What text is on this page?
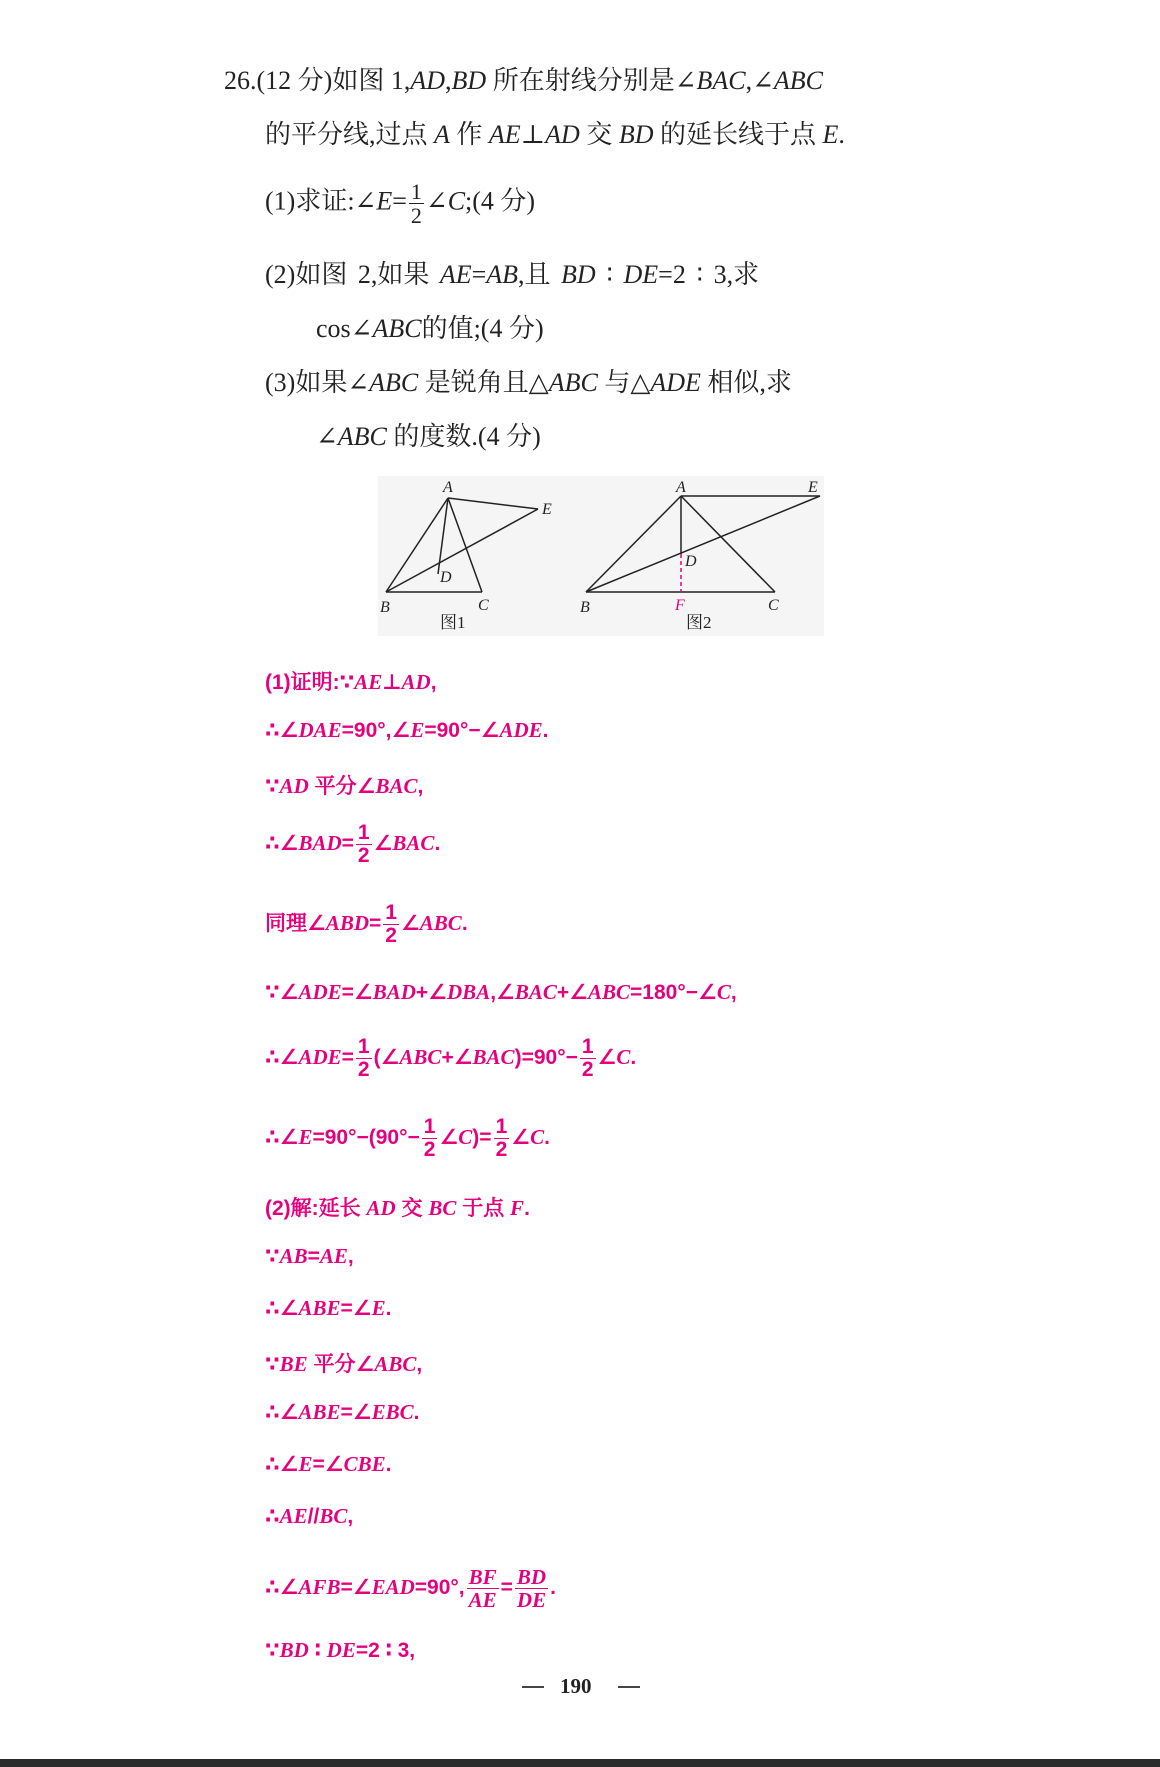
26.(12 分)如图 1,AD,BD 所在射线分别是∠BAC,∠ABC
的平分线,过点 A 作 AE⊥AD 交 BD 的延长线于点 E.
(1)求证:∠E= $\frac{1}{2}$ ∠C;(4 分)
(2)如图 2,如果 AE=AB,且 BD ∶ DE=2 ∶ 3,求
cos∠ABC的值;(4 分)
(3)如果∠ABC 是锐角且△ABC 与△ADE 相似,求
∠ABC 的度数.(4 分)
A
B	C
D
E
图1
A
B	C
D
E
F
图2
(1)证明:∵AE⊥AD,
∴∠DAE=90°,∠E=90°−∠ADE.
∵AD 平分∠BAC,
∴∠BAD= $\frac{1}{2}$ ∠BAC.
同理∠ABD= $\frac{1}{2}$ ∠ABC.
∵∠ADE=∠BAD+∠DBA,∠BAC+∠ABC=180°−∠C,
∴∠ADE= $\frac{1}{2}$ (∠ABC+∠BAC)=90°− $\frac{1}{2}$ ∠C.
∴∠E=90°−(90°− $\frac{1}{2}$ ∠C)= $\frac{1}{2}$ ∠C.
(2)解:延长 AD 交 BC 于点 F.
∵AB=AE,
∴∠ABE=∠E.
∵BE 平分∠ABC,
∴∠ABE=∠EBC.
∴∠E=∠CBE.
∴AE//BC,
∴∠AFB=∠EAD=90°, $\frac{BF}{AE} = \frac{BD}{DE}$ .
∵BD ∶ DE=2 ∶ 3,
190
